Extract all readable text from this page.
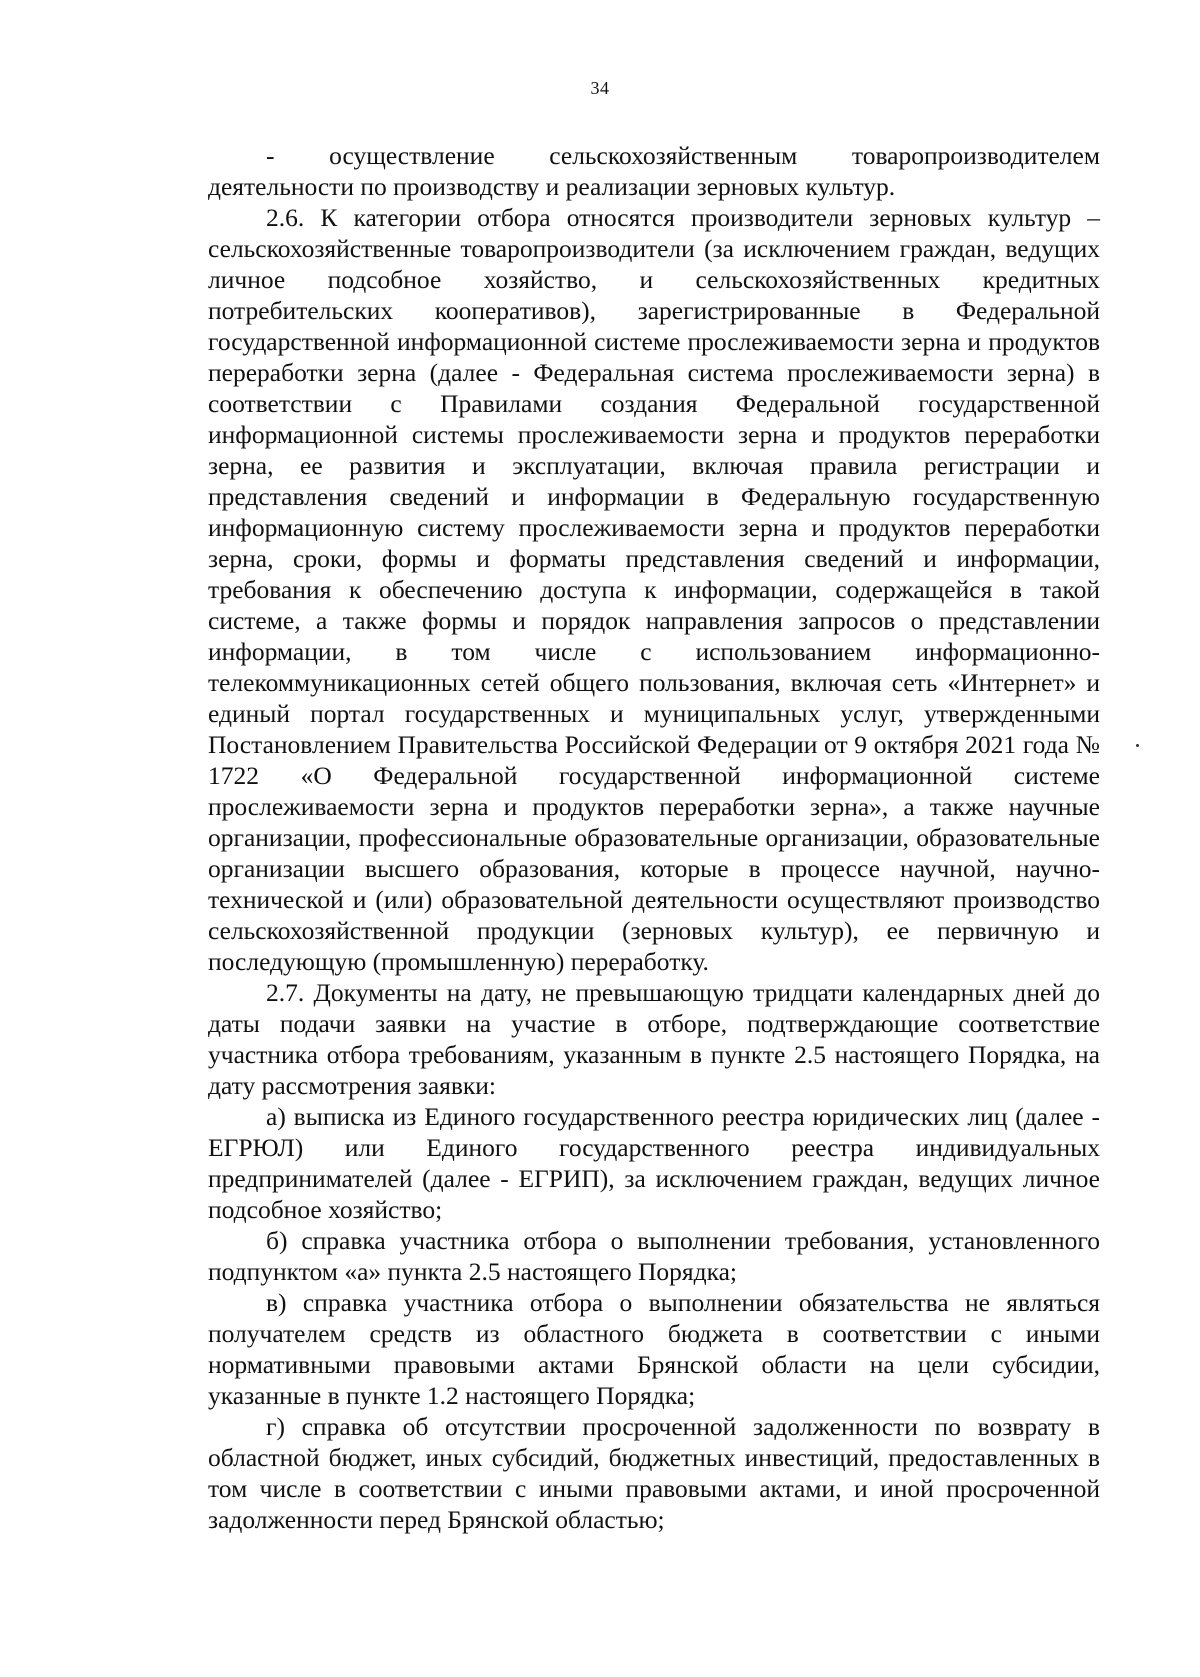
34

- осуществление сельскохозяйственным товаропроизводителем
деятельности по производству и реализации зерновых культур.

2.6. К категории отбора относятся производители зерновых культур – сельскохозяйственные товаропроизводители (за исключением граждан, ведущих личное подсобное хозяйство, и сельскохозяйственных кредитных потребительских кооперативов), зарегистрированные в Федеральной государственной информационной системе прослеживаемости зерна и продуктов переработки зерна (далее - Федеральная система прослеживаемости зерна) в соответствии с Правилами создания Федеральной государственной информационной системы прослеживаемости зерна и продуктов переработки зерна, ее развития и эксплуатации, включая правила регистрации и представления сведений и информации в Федеральную государственную информационную систему прослеживаемости зерна и продуктов переработки зерна, сроки, формы и форматы представления сведений и информации, требования к обеспечению доступа к информации, содержащейся в такой системе, а также формы и порядок направления запросов о представлении информации, в том числе с использованием информационно-телекоммуникационных сетей общего пользования, включая сеть «Интернет» и единый портал государственных и муниципальных услуг, утвержденными Постановлением Правительства Российской Федерации от 9 октября 2021 года № 1722 «О Федеральной государственной информационной системе прослеживаемости зерна и продуктов переработки зерна», а также научные организации, профессиональные образовательные организации, образовательные организации высшего образования, которые в процессе научной, научно-технической и (или) образовательной деятельности осуществляют производство сельскохозяйственной продукции (зерновых культур), ее первичную и последующую (промышленную) переработку.

2.7. Документы на дату, не превышающую тридцати календарных дней до даты подачи заявки на участие в отборе, подтверждающие соответствие участника отбора требованиям, указанным в пункте 2.5 настоящего Порядка, на дату рассмотрения заявки:

а) выписка из Единого государственного реестра юридических лиц (далее - ЕГРЮЛ) или Единого государственного реестра индивидуальных предпринимателей (далее - ЕГРИП), за исключением граждан, ведущих личное подсобное хозяйство;

б) справка участника отбора о выполнении требования, установленного подпунктом «а» пункта 2.5 настоящего Порядка;

в) справка участника отбора о выполнении обязательства не являться получателем средств из областного бюджета в соответствии с иными нормативными правовыми актами Брянской области на цели субсидии, указанные в пункте 1.2 настоящего Порядка;

г) справка об отсутствии просроченной задолженности по возврату в областной бюджет, иных субсидий, бюджетных инвестиций, предоставленных в том числе в соответствии с иными правовыми актами, и иной просроченной задолженности перед Брянской областью;
